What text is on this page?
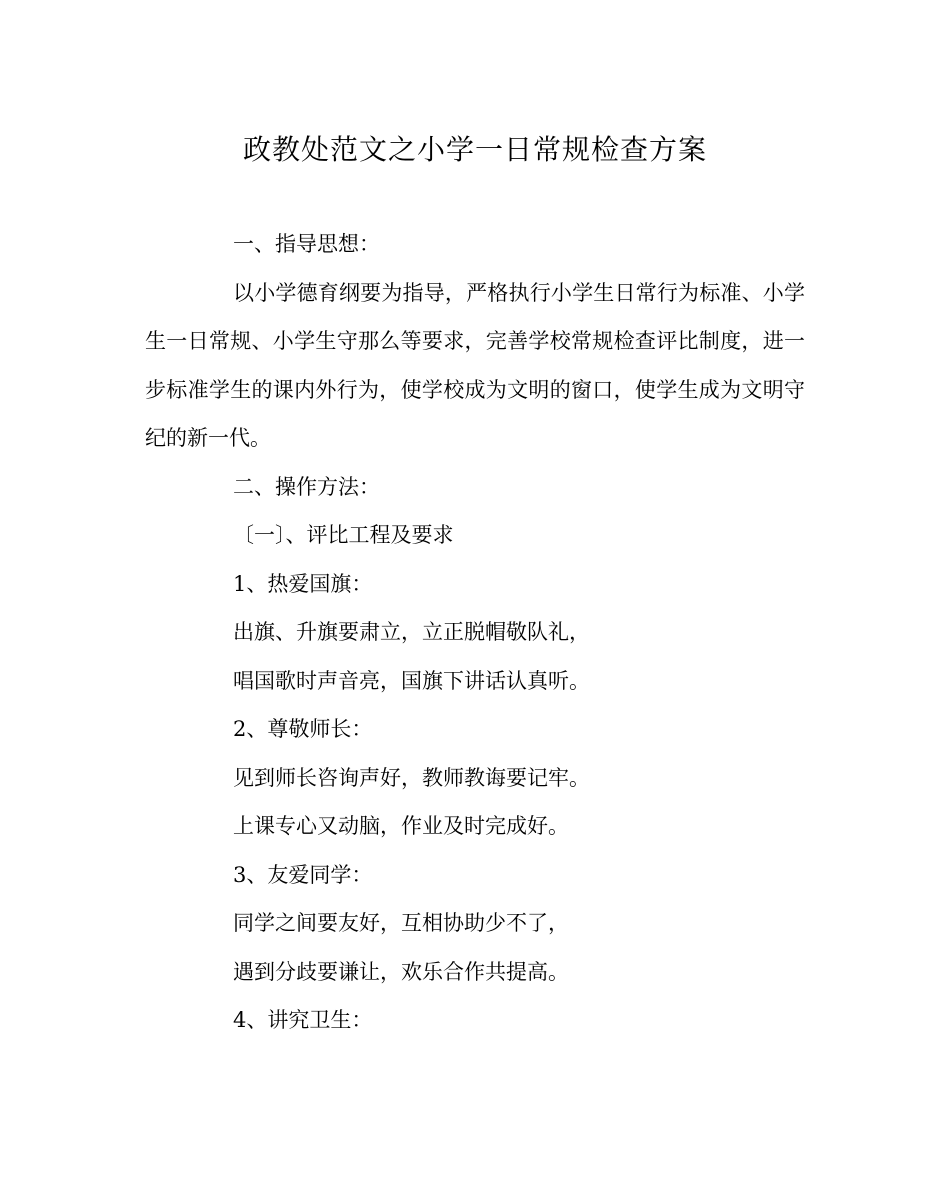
政教处范文之小学一日常规检查方案

一、指导思想：

以小学德育纲要为指导，严格执行小学生日常行为标准、小学生一日常规、小学生守那么等要求，完善学校常规检查评比制度，进一步标准学生的课内外行为，使学校成为文明的窗口，使学生成为文明守纪的新一代。

二、操作方法：

〔一〕、评比工程及要求

1、热爱国旗：

出旗、升旗要肃立，立正脱帽敬队礼，

唱国歌时声音亮，国旗下讲话认真听。

2、尊敬师长：

见到师长咨询声好，教师教诲要记牢。

上课专心又动脑，作业及时完成好。

3、友爱同学：

同学之间要友好，互相协助少不了，

遇到分歧要谦让，欢乐合作共提高。

4、讲究卫生：
